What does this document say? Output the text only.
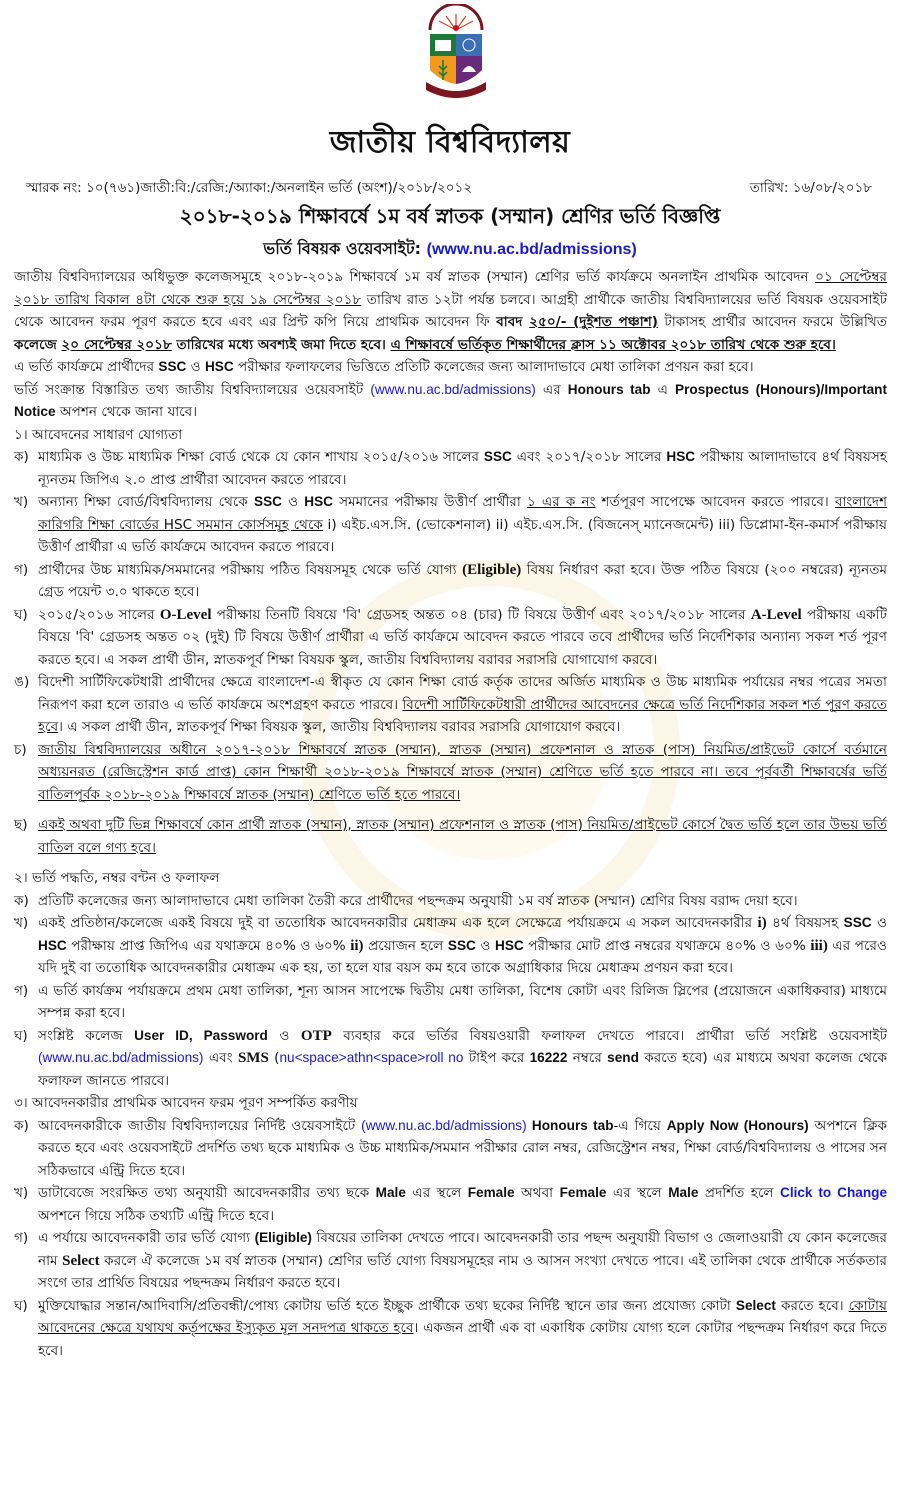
জাতীয় বিশ্ববিদ্যালয়
স্মারক নং: ১০(৭৬১)জাতী:বি:/রেজি:/অ্যাকা:/অনলাইন ভর্তি (অংশ)/২০১৮/২০১২	তারিখ: ১৬/০৮/২০১৮
২০১৮-২০১৯ শিক্ষাবর্ষে ১ম বর্ষ স্নাতক (সম্মান) শ্রেণির ভর্তি বিজ্ঞপ্তি
ভর্তি বিষয়ক ওয়েবসাইট: (www.nu.ac.bd/admissions)

জাতীয় বিশ্ববিদ্যালয়ের অধিভুক্ত কলেজসমূহে ২০১৮-২০১৯ শিক্ষাবর্ষে ১ম বর্ষ স্নাতক (সম্মান) শ্রেণির ভর্তি কার্যক্রমে অনলাইন প্রাথমিক আবেদন ০১ সেপ্টেম্বর ২০১৮ তারিখ বিকাল ৪টা থেকে শুরু হয়ে ১৯ সেপ্টেম্বর ২০১৮ তারিখ রাত ১২টা পর্যন্ত চলবে। আগ্রহী প্রার্থীকে জাতীয় বিশ্ববিদ্যালয়ের ভর্তি বিষয়ক ওয়েবসাইট থেকে আবেদন ফরম পূরণ করতে হবে এবং এর প্রিন্ট কপি নিয়ে প্রাথমিক আবেদন ফি বাবদ ২৫০/- (দুইশত পঞ্চাশ) টাকাসহ প্রার্থীর আবেদন ফরমে উল্লিখিত কলেজে ২০ সেপ্টেম্বর ২০১৮ তারিখের মধ্যে অবশ্যই জমা দিতে হবে। এ শিক্ষাবর্ষে ভর্তিকৃত শিক্ষার্থীদের ক্লাস ১১ অক্টোবর ২০১৮ তারিখ থেকে শুরু হবে।

এ ভর্তি কার্যক্রমে প্রার্থীদের SSC ও HSC পরীক্ষার ফলাফলের ভিত্তিতে প্রতিটি কলেজের জন্য আলাদাভাবে মেধা তালিকা প্রণয়ন করা হবে।

ভর্তি সংক্রান্ত বিস্তারিত তথ্য জাতীয় বিশ্ববিদ্যালয়ের ওয়েবসাইট (www.nu.ac.bd/admissions) এর Honours tab এ Prospectus (Honours)/Important Notice অপশন থেকে জানা যাবে।

১। আবেদনের সাধারণ যোগ্যতা

ক) মাধ্যমিক ও উচ্চ মাধ্যমিক শিক্ষা বোর্ড থেকে যে কোন শাখায় ২০১৫/২০১৬ সালের SSC এবং ২০১৭/২০১৮ সালের HSC পরীক্ষায় আলাদাভাবে ৪র্থ বিষয়সহ ন্যূনতম জিপিএ ২.০ প্রাপ্ত প্রার্থীরা আবেদন করতে পারবে।
খ) অন্যান্য শিক্ষা বোর্ড/বিশ্ববিদ্যালয় থেকে SSC ও HSC সমমানের পরীক্ষায় উত্তীর্ণ প্রার্থীরা ১ এর ক নং শর্তপূরণ সাপেক্ষে আবেদন করতে পারবে। বাংলাদেশ কারিগরি শিক্ষা বোর্ডের HSC সমমান কোর্সসমূহ থেকে i) এইচ.এস.সি. (ভোকেশনাল) ii) এইচ.এস.সি. (বিজনেস্ ম্যানেজমেন্ট) iii) ডিপ্লোমা-ইন-কমার্স পরীক্ষায় উত্তীর্ণ প্রার্থীরা এ ভর্তি কার্যক্রমে আবেদন করতে পারবে।
গ) প্রার্থীদের উচ্চ মাধ্যমিক/সমমানের পরীক্ষায় পঠিত বিষয়সমূহ থেকে ভর্তি যোগ্য (Eligible) বিষয় নির্ধারণ করা হবে। উক্ত পঠিত বিষয়ে (২০০ নম্বরের) ন্যূনতম গ্রেড পয়েন্ট ৩.০ থাকতে হবে।
ঘ) ২০১৫/২০১৬ সালের O-Level পরীক্ষায় তিনটি বিষয়ে 'বি' গ্রেডসহ অন্তত ০৪ (চার) টি বিষয়ে উত্তীর্ণ এবং ২০১৭/২০১৮ সালের A-Level পরীক্ষায় একটি বিষয়ে 'বি' গ্রেডসহ অন্তত ০২ (দুই) টি বিষয়ে উত্তীর্ণ প্রার্থীরা এ ভর্তি কার্যক্রমে আবেদন করতে পারবে তবে প্রার্থীদের ভর্তি নির্দেশিকার অন্যান্য সকল শর্ত পূরণ করতে হবে। এ সকল প্রার্থী ডীন, স্নাতকপূর্ব শিক্ষা বিষয়ক স্কুল, জাতীয় বিশ্ববিদ্যালয় বরাবর সরাসরি যোগাযোগ করবে।
ঙ) বিদেশী সার্টিফিকেটধারী প্রার্থীদের ক্ষেত্রে বাংলাদেশ-এ স্বীকৃত যে কোন শিক্ষা বোর্ড কর্তৃক তাদের অর্জিত মাধ্যমিক ও উচ্চ মাধ্যমিক পর্যায়ের নম্বর পত্রের সমতা নিরূপণ করা হলে তারাও এ ভর্তি কার্যক্রমে অংশগ্রহণ করতে পারবে। বিদেশী সার্টিফিকেটধারী প্রার্থীদের আবেদনের ক্ষেত্রে ভর্তি নির্দেশিকার সকল শর্ত পূরণ করতে হবে। এ সকল প্রার্থী ডীন, স্নাতকপূর্ব শিক্ষা বিষয়ক স্কুল, জাতীয় বিশ্ববিদ্যালয় বরাবর সরাসরি যোগাযোগ করবে।
চ) জাতীয় বিশ্ববিদ্যালয়ের অধীনে ২০১৭-২০১৮ শিক্ষাবর্ষে স্নাতক (সম্মান), স্নাতক (সম্মান) প্রফেশনাল ও স্নাতক (পাস) নিয়মিত/প্রাইভেট কোর্সে বর্তমানে অধ্যয়নরত (রেজিস্ট্রেশন কার্ড প্রাপ্ত) কোন শিক্ষার্থী ২০১৮-২০১৯ শিক্ষাবর্ষে স্নাতক (সম্মান) শ্রেণিতে ভর্তি হতে পারবে না। তবে পূর্ববর্তী শিক্ষাবর্ষের ভর্তি বাতিলপূর্বক ২০১৮-২০১৯ শিক্ষাবর্ষে স্নাতক (সম্মান) শ্রেণিতে ভর্তি হতে পারবে।
ছ) একই অথবা দুটি ভিন্ন শিক্ষাবর্ষে কোন প্রার্থী স্নাতক (সম্মান), স্নাতক (সম্মান) প্রফেশনাল ও স্নাতক (পাস) নিয়মিত/প্রাইভেট কোর্সে দ্বৈত ভর্তি হলে তার উভয় ভর্তি বাতিল বলে গণ্য হবে।

২। ভর্তি পদ্ধতি, নম্বর বন্টন ও ফলাফল

ক) প্রতিটি কলেজের জন্য আলাদাভাবে মেধা তালিকা তৈরী করে প্রার্থীদের পছন্দক্রম অনুযায়ী ১ম বর্ষ স্নাতক (সম্মান) শ্রেণির বিষয় বরাদ্দ দেয়া হবে।
খ) একই প্রতিষ্ঠান/কলেজে একই বিষয়ে দুই বা ততোধিক আবেদনকারীর মেধাক্রম এক হলে সেক্ষেত্রে পর্যায়ক্রমে এ সকল আবেদনকারীর i) ৪র্থ বিষয়সহ SSC ও HSC পরীক্ষায় প্রাপ্ত জিপিএ এর যথাক্রমে ৪০% ও ৬০% ii) প্রয়োজন হলে SSC ও HSC পরীক্ষার মোট প্রাপ্ত নম্বরের যথাক্রমে ৪০% ও ৬০% iii) এর পরেও যদি দুই বা ততোধিক আবেদনকারীর মেধাক্রম এক হয়, তা হলে যার বয়স কম হবে তাকে অগ্রাধিকার দিয়ে মেধাক্রম প্রণয়ন করা হবে।
গ) এ ভর্তি কার্যক্রম পর্যায়ক্রমে প্রথম মেধা তালিকা, শূন্য আসন সাপেক্ষে দ্বিতীয় মেধা তালিকা, বিশেষ কোটা এবং রিলিজ স্লিপের (প্রয়োজনে একাধিকবার) মাধ্যমে সম্পন্ন করা হবে।
ঘ) সংশ্লিষ্ট কলেজ User ID, Password ও OTP ব্যবহার করে ভর্তির বিষয়ওয়ারী ফলাফল দেখতে পারবে। প্রার্থীরা ভর্তি সংশ্লিষ্ট ওয়েবসাইট (www.nu.ac.bd/admissions) এবং SMS (nu<space>athn<space>roll no টাইপ করে 16222 নম্বরে send করতে হবে) এর মাধ্যমে অথবা কলেজ থেকে ফলাফল জানতে পারবে।

৩। আবেদনকারীর প্রাথমিক আবেদন ফরম পূরণ সম্পর্কিত করণীয়

ক) আবেদনকারীকে জাতীয় বিশ্ববিদ্যালয়ের নির্দিষ্ট ওয়েবসাইটে (www.nu.ac.bd/admissions) Honours tab-এ গিয়ে Apply Now (Honours) অপশনে ক্লিক করতে হবে এবং ওয়েবসাইটে প্রদর্শিত তথ্য ছকে মাধ্যমিক ও উচ্চ মাধ্যমিক/সমমান পরীক্ষার রোল নম্বর, রেজিস্ট্রেশন নম্বর, শিক্ষা বোর্ড/বিশ্ববিদ্যালয় ও পাসের সন সঠিকভাবে এন্ট্রি দিতে হবে।
খ) ডাটাবেজে সংরক্ষিত তথ্য অনুযায়ী আবেদনকারীর তথ্য ছকে Male এর স্থলে Female অথবা Female এর স্থলে Male প্রদর্শিত হলে Click to Change অপশনে গিয়ে সঠিক তথ্যটি এন্ট্রি দিতে হবে।
গ) এ পর্যায়ে আবেদনকারী তার ভর্তি যোগ্য (Eligible) বিষয়ের তালিকা দেখতে পাবে। আবেদনকারী তার পছন্দ অনুযায়ী বিভাগ ও জেলাওয়ারী যে কোন কলেজের নাম Select করলে ঐ কলেজে ১ম বর্ষ স্নাতক (সম্মান) শ্রেণির ভর্তি যোগ্য বিষয়সমূহের নাম ও আসন সংখ্যা দেখতে পাবে। এই তালিকা থেকে প্রার্থীকে সর্তকতার সংগে তার প্রার্থিত বিষয়ের পছন্দক্রম নির্ধারণ করতে হবে।
ঘ) মুক্তিযোদ্ধার সন্তান/আদিবাসি/প্রতিবন্ধী/পোষ্য কোটায় ভর্তি হতে ইচ্ছুক প্রার্থীকে তথ্য ছকের নির্দিষ্ট স্থানে তার জন্য প্রযোজ্য কোটা Select করতে হবে। কোটায় আবেদনের ক্ষেত্রে যথাযথ কর্তৃপক্ষের ইস্যুকৃত মূল সনদপত্র থাকতে হবে। একজন প্রার্থী এক বা একাধিক কোটায় যোগ্য হলে কোটার পছন্দক্রম নির্ধারণ করে দিতে হবে।
